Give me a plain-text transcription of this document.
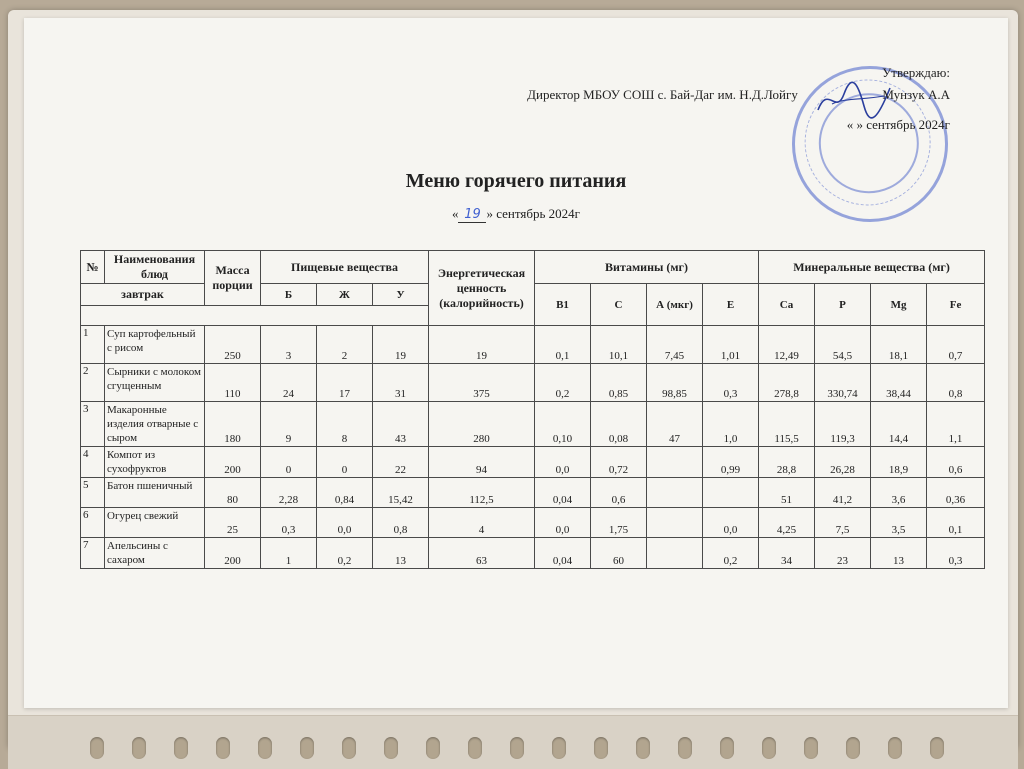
Утверждаю:
Директор МБОУ СОШ с. Бай-Даг им. Н.Д.Лойгу	Мунзук А.А
« » сентябрь 2024г
Меню горячего питания
« 19 » сентябрь 2024г
№	Наименования блюд	Масса порции	Пищевые вещества			Энергетическая ценность (калорийность)	Витамины (мг)				Минеральные вещества (мг)			
завтрак			Б	Ж	У		В1	С	А (мкг)	Е	Са	Р	Mg	Fe

1	Суп картофельный с рисом	250	3	2	19	19	0,1	10,1	7,45	1,01	12,49	54,5	18,1	0,7
2	Сырники с молоком сгущенным	110	24	17	31	375	0,2	0,85	98,85	0,3	278,8	330,74	38,44	0,8
3	Макаронные изделия отварные с сыром	180	9	8	43	280	0,10	0,08	47	1,0	115,5	119,3	14,4	1,1
4	Компот из сухофруктов	200	0	0	22	94	0,0	0,72		0,99	28,8	26,28	18,9	0,6
5	Батон пшеничный	80	2,28	0,84	15,42	112,5	0,04	0,6			51	41,2	3,6	0,36
6	Огурец свежий	25	0,3	0,0	0,8	4	0,0	1,75		0,0	4,25	7,5	3,5	0,1
7	Апельсины с сахаром	200	1	0,2	13	63	0,04	60		0,2	34	23	13	0,3
